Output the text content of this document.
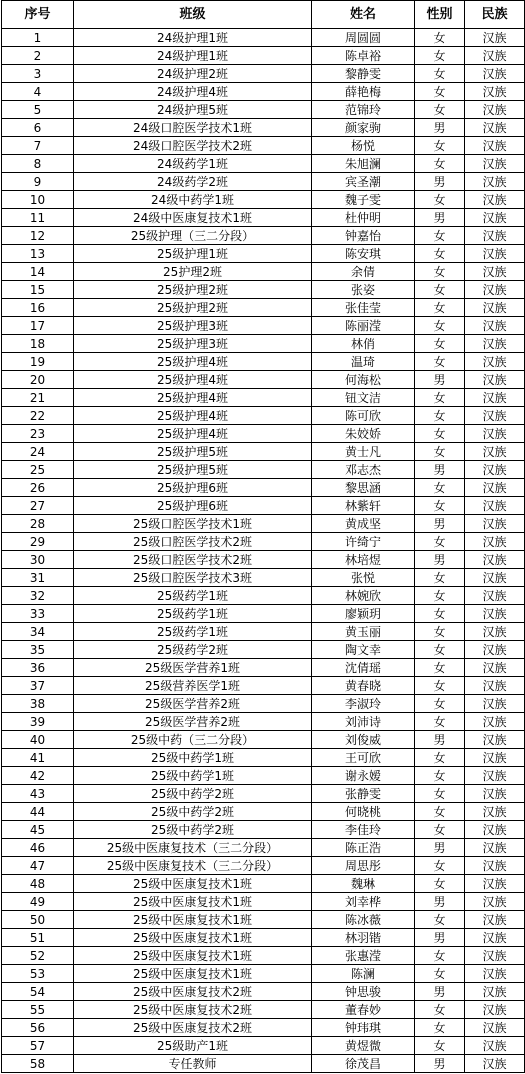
序号	班级	姓名	性别	民族
1	24级护理1班	周圆圆	女	汉族
2	24级护理1班	陈卓裕	女	汉族
3	24级护理2班	黎静雯	女	汉族
4	24级护理4班	薛艳梅	女	汉族
5	24级护理5班	范锦玲	女	汉族
6	24级口腔医学技术1班	颜家驹	男	汉族
7	24级口腔医学技术2班	杨悦	女	汉族
8	24级药学1班	朱旭澜	女	汉族
9	24级药学2班	宾圣潮	男	汉族
10	24级中药学1班	魏子雯	女	汉族
11	24级中医康复技术1班	杜仲明	男	汉族
12	25级护理（三二分段）	钟嘉怡	女	汉族
13	25级护理1班	陈安琪	女	汉族
14	25护理2班	余倩	女	汉族
15	25级护理2班	张姿	女	汉族
16	25级护理2班	张佳莹	女	汉族
17	25级护理3班	陈丽滢	女	汉族
18	25级护理3班	林俏	女	汉族
19	25级护理4班	温琦	女	汉族
20	25级护理4班	何海松	男	汉族
21	25级护理4班	钮文洁	女	汉族
22	25级护理4班	陈可欣	女	汉族
23	25级护理4班	朱姣娇	女	汉族
24	25级护理5班	黄士凡	女	汉族
25	25级护理5班	邓志杰	男	汉族
26	25级护理6班	黎思涵	女	汉族
27	25级护理6班	林紫轩	女	汉族
28	25级口腔医学技术1班	黄成坚	男	汉族
29	25级口腔医学技术2班	许绮宁	女	汉族
30	25级口腔医学技术2班	林培煜	男	汉族
31	25级口腔医学技术3班	张悦	女	汉族
32	25级药学1班	林婉欣	女	汉族
33	25级药学1班	廖颖玥	女	汉族
34	25级药学1班	黄玉丽	女	汉族
35	25级药学2班	陶文幸	女	汉族
36	25级医学营养1班	沈倩瑶	女	汉族
37	25级营养医学1班	黄春晓	女	汉族
38	25级医学营养2班	李淑玲	女	汉族
39	25级医学营养2班	刘沛诗	女	汉族
40	25级中药（三二分段）	刘俊威	男	汉族
41	25级中药学1班	王可欣	女	汉族
42	25级中药学1班	谢永嫒	女	汉族
43	25级中药学2班	张静雯	女	汉族
44	25级中药学2班	何晓桃	女	汉族
45	25级中药学2班	李佳玲	女	汉族
46	25级中医康复技术（三二分段）	陈正浩	男	汉族
47	25级中医康复技术（三二分段）	周思彤	女	汉族
48	25级中医康复技术1班	魏琳	女	汉族
49	25级中医康复技术1班	刘幸桦	男	汉族
50	25级中医康复技术1班	陈冰薇	女	汉族
51	25级中医康复技术1班	林羽锴	男	汉族
52	25级中医康复技术1班	张惠滢	女	汉族
53	25级中医康复技术1班	陈澜	女	汉族
54	25级中医康复技术2班	钟思骏	男	汉族
55	25级中医康复技术2班	董春妙	女	汉族
56	25级中医康复技术2班	钟玮琪	女	汉族
57	25级助产1班	黄煜微	女	汉族
58	专任教师	徐茂昌	男	汉族
